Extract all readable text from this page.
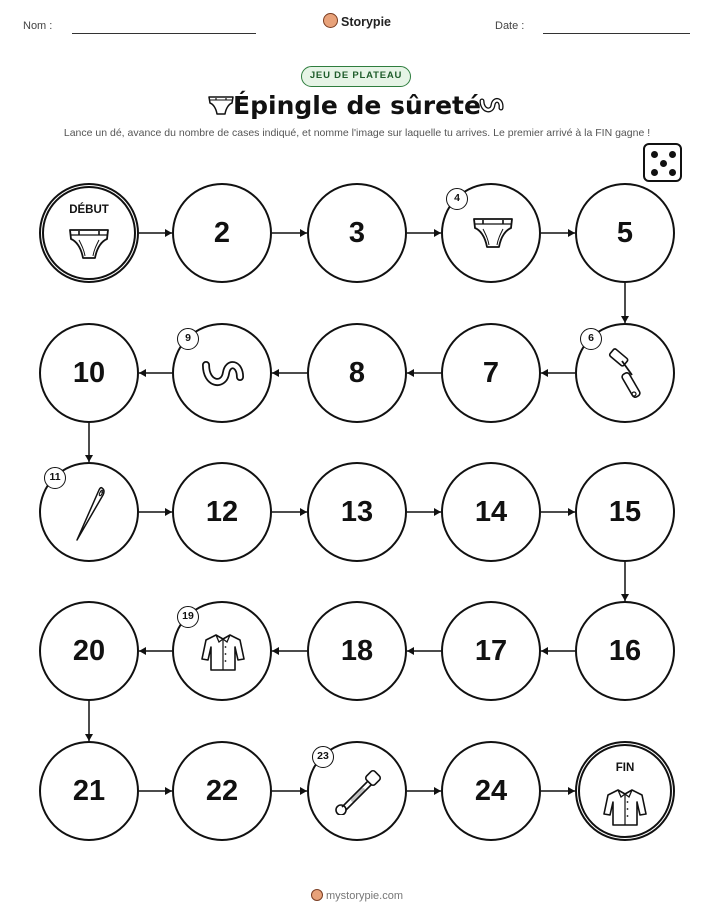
Nom :	Storypie	Date :
JEU DE PLATEAU
Épingle de sûreté
Lance un dé, avance du nombre de cases indiqué, et nomme l'image sur laquelle tu arrives. Le premier arrivé à la FIN gagne !
DÉBUT
2	3
4
5
10
9
8	7
6
11
12	13	14	15
20
19
18	17	16
21	22
23
24
FIN
mystorypie.com
